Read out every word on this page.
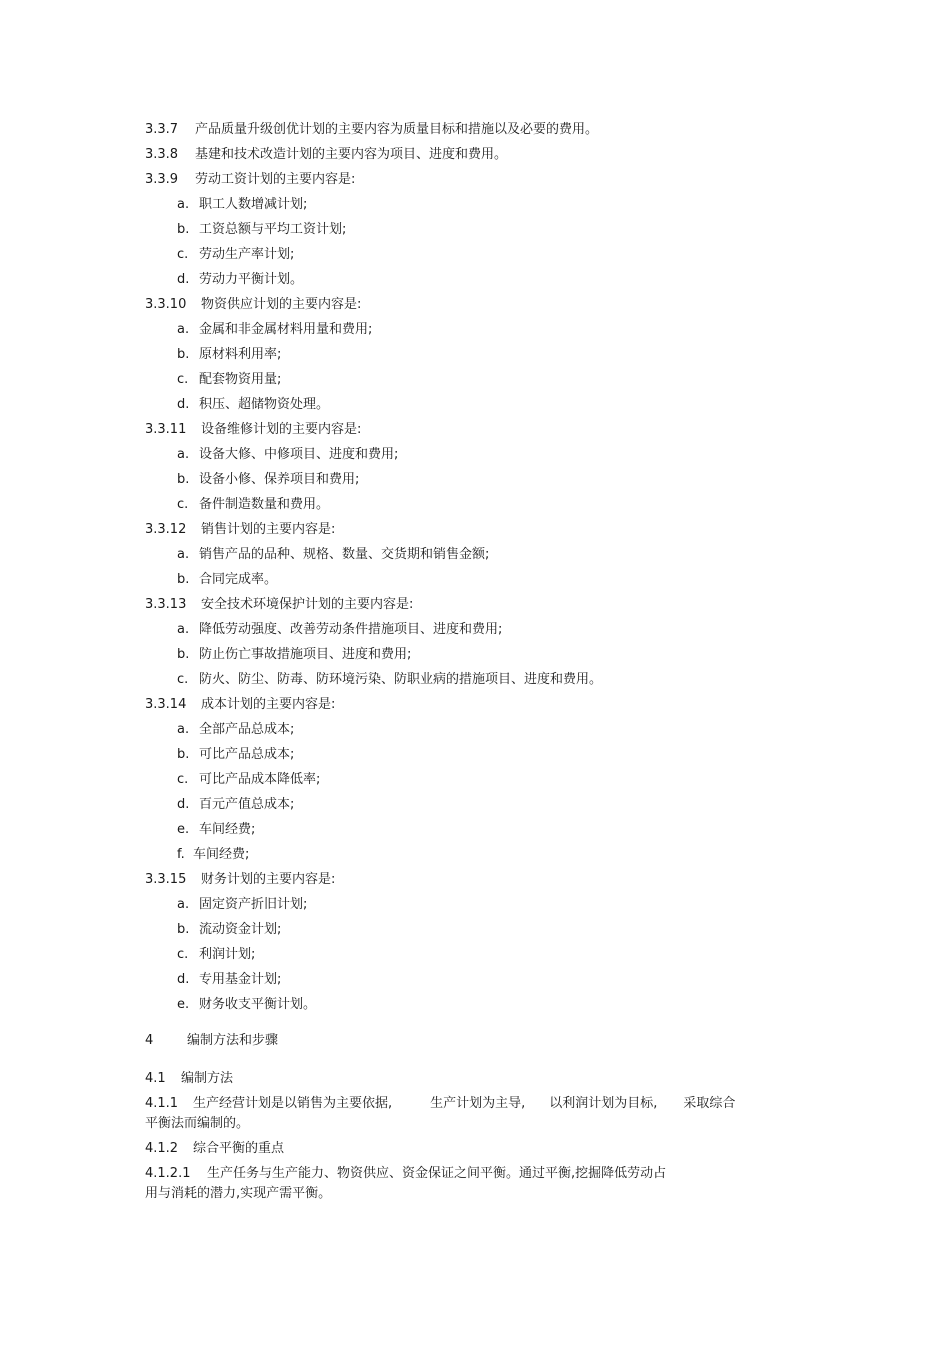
3.3.7 产品质量升级创优计划的主要内容为质量目标和措施以及必要的费用。
3.3.8 基建和技术改造计划的主要内容为项目、进度和费用。
3.3.9 劳动工资计划的主要内容是:
a. 职工人数增减计划;
b. 工资总额与平均工资计划;
c. 劳动生产率计划;
d. 劳动力平衡计划。
3.3.10 物资供应计划的主要内容是:
a. 金属和非金属材料用量和费用;
b. 原材料利用率;
c. 配套物资用量;
d. 积压、超储物资处理。
3.3.11 设备维修计划的主要内容是:
a. 设备大修、中修项目、进度和费用;
b. 设备小修、保养项目和费用;
c. 备件制造数量和费用。
3.3.12 销售计划的主要内容是:
a. 销售产品的品种、规格、数量、交货期和销售金额;
b. 合同完成率。
3.3.13 安全技术环境保护计划的主要内容是:
a. 降低劳动强度、改善劳动条件措施项目、进度和费用;
b. 防止伤亡事故措施项目、进度和费用;
c. 防火、防尘、防毒、防环境污染、防职业病的措施项目、进度和费用。
3.3.14 成本计划的主要内容是:
a. 全部产品总成本;
b. 可比产品总成本;
c. 可比产品成本降低率;
d. 百元产值总成本;
e. 车间经费;
f. 车间经费;
3.3.15 财务计划的主要内容是:
a. 固定资产折旧计划;
b. 流动资金计划;
c. 利润计划;
d. 专用基金计划;
e. 财务收支平衡计划。
4	编制方法和步骤
4.1 编制方法
4.1.1 生产经营计划是以销售为主要依据,	生产计划为主导, 以利润计划为目标, 采取综合
平衡法而编制的。
4.1.2 综合平衡的重点
4.1.2.1 生产任务与生产能力、物资供应、资金保证之间平衡。通过平衡,挖掘降低劳动占
用与消耗的潜力,实现产需平衡。
